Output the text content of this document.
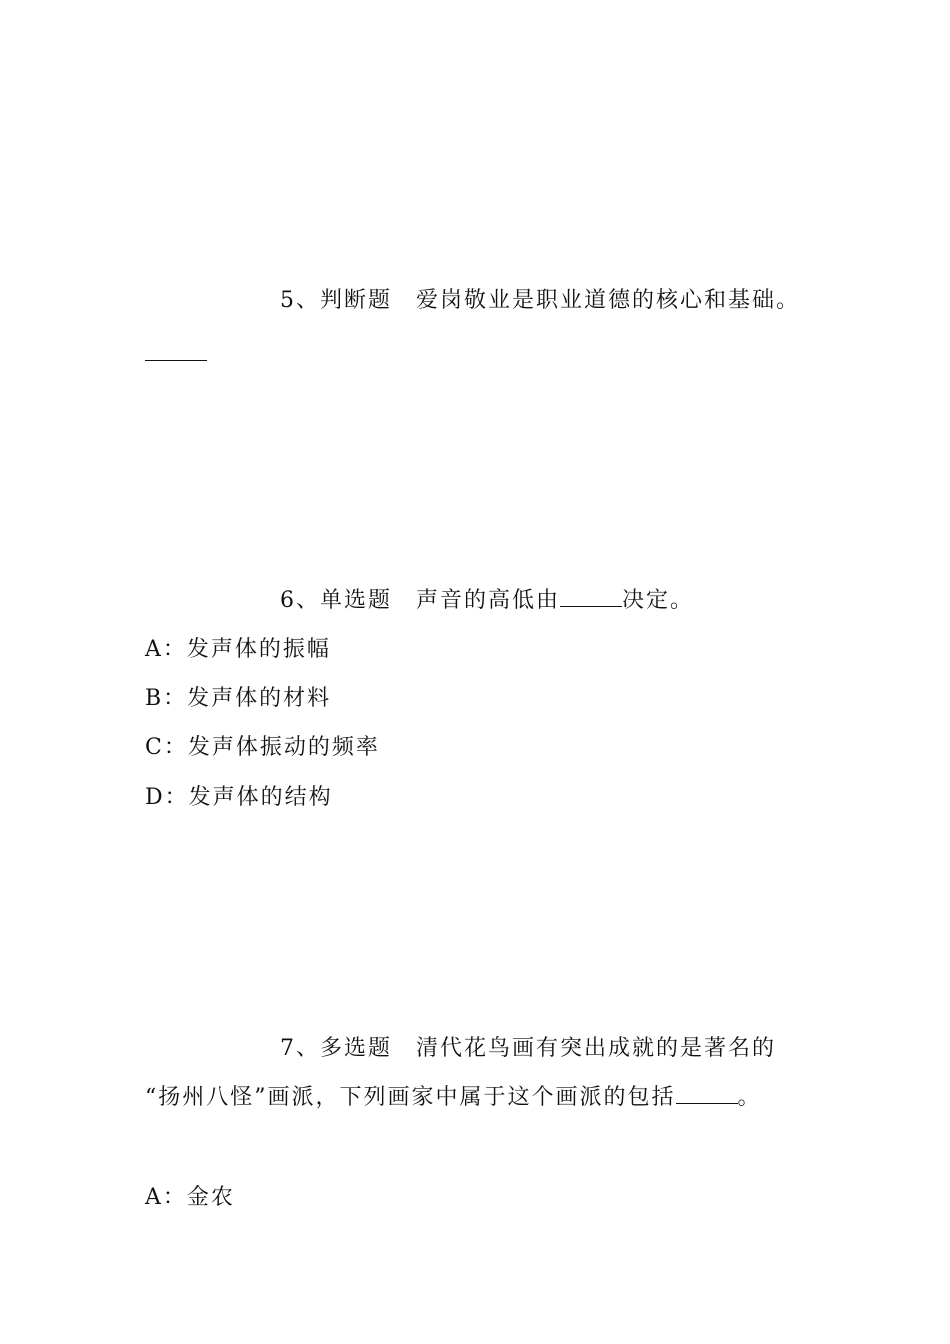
5、判断题　爱岗敬业是职业道德的核心和基础。
6、单选题　声音的高低由	决定。
A：发声体的振幅
B：发声体的材料
C：发声体振动的频率
D：发声体的结构
7、多选题　清代花鸟画有突出成就的是著名的
“扬州八怪”画派，下列画家中属于这个画派的包括	。
A：金农
